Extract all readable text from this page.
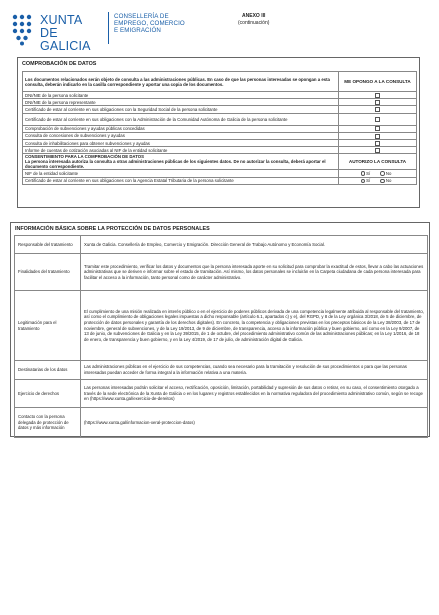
XUNTA
DE GALICIA
CONSELLERÍA DE
EMPREGO, COMERCIO
E EMIGRACIÓN
ANEXO III
(continuación)
COMPROBACIÓN DE DATOS
Los documentos relacionados serán objeto de consulta a las administraciones públicas. En caso de que las personas interesadas se opongan a esta consulta, deberán indicarlo en la casilla correspondiente y aportar una copia de los documentos.	ME OPONGO A LA CONSULTA
DNI/NIE de la persona solicitante	
DNI/NIE de la persona representante	
Certificado de estar al corriente en sus obligaciones con la Seguridad Social de la persona solicitante	
Certificado de estar al corriente en sus obligaciones con la Administración de la Comunidad Autónoma de Galicia de la persona solicitante	
Comprobación de subvenciones y ayudas públicas concedidas	
Consulta de concesiones de subvenciones y ayudas	
Consulta de inhabilitaciones para obtener subvenciones y ayudas	
Informe de cuentas de cotización asociadas al NIF de la entidad solicitante	

CONSENTIMIENTO PARA LA COMPROBACIÓN DE DATOS
La persona interesada autoriza la consulta a otras administraciones públicas de los siguientes datos. De no autorizar la consulta, deberá aportar el documento correspondiente.	AUTORIZO LA CONSULTA
NIF de la entidad solicitante	Sí No
Certificado de estar al corriente en sus obligaciones con la Agencia Estatal Tributaria de la persona solicitante	Sí No
INFORMACIÓN BÁSICA SOBRE LA PROTECCIÓN DE DATOS PERSONALES
Responsable del tratamiento	Xunta de Galicia. Consellería de Empleo, Comercio y Emigración. Dirección General de Trabajo Autónomo y Economía Social.
Finalidades del tratamiento	Tramitar este procedimiento, verificar los datos y documentos que la persona interesada aporte en su solicitud para comprobar la exactitud de estos, llevar a cabo las actuaciones administrativas que se deriven e informar sobre el estado de tramitación. Así mismo, los datos personales se incluirán en la Carpeta ciudadana de cada persona interesada para facilitar el acceso a la información, tanto personal como de carácter administrativo.
Legitimación para el tratamiento	El cumplimiento de una misión realizada en interés público o en el ejercicio de poderes públicos derivada de una competencia legalmente atribuida al responsable del tratamiento, así como el cumplimiento de obligaciones legales impuestas a dicho responsable (artículo 6.1, apartados c) y e), del RGPD, y 8 de la Ley orgánica 3/2018, de 5 de diciembre, de protección de datos personales y garantía de los derechos digitales). En concreto, la competencia y obligaciones previstas en los preceptos básicos de la Ley 38/2003, de 17 de noviembre, general de subvenciones, y de la Ley 19/2013, de 9 de diciembre, de transparencia, acceso a la información pública y buen gobierno, así como en la Ley 9/2007, de 13 de junio, de subvenciones de Galicia y en la Ley 39/2015, de 1 de octubre, del procedimiento administrativo común de las administraciones públicas; en la Ley 1/2016, de 18 de enero, de transparencia y buen gobierno, y en la Ley 4/2019, de 17 de julio, de administración digital de Galicia.
Destinatarias de los datos	Las administraciones públicas en el ejercicio de sus competencias, cuando sea necesario para la tramitación y resolución de sus procedimientos o para que las personas interesadas puedan acceder de forma integral a la información relativa a una materia.
Ejercicio de derechos	Las personas interesadas podrán solicitar el acceso, rectificación, oposición, limitación, portabilidad y supresión de sus datos o retirar, en su caso, el consentimiento otorgado a través de la sede electrónica de la Xunta de Galicia o en los lugares y registros establecidos en la normativa reguladora del procedimiento administrativo común, según se recoge en (https://www.xunta.gal/exercicio-de-dereitos)
Contacto con la persona delegada de protección de datos y más información	(https://www.xunta.gal/informacion-xeral-proteccion-datos)
